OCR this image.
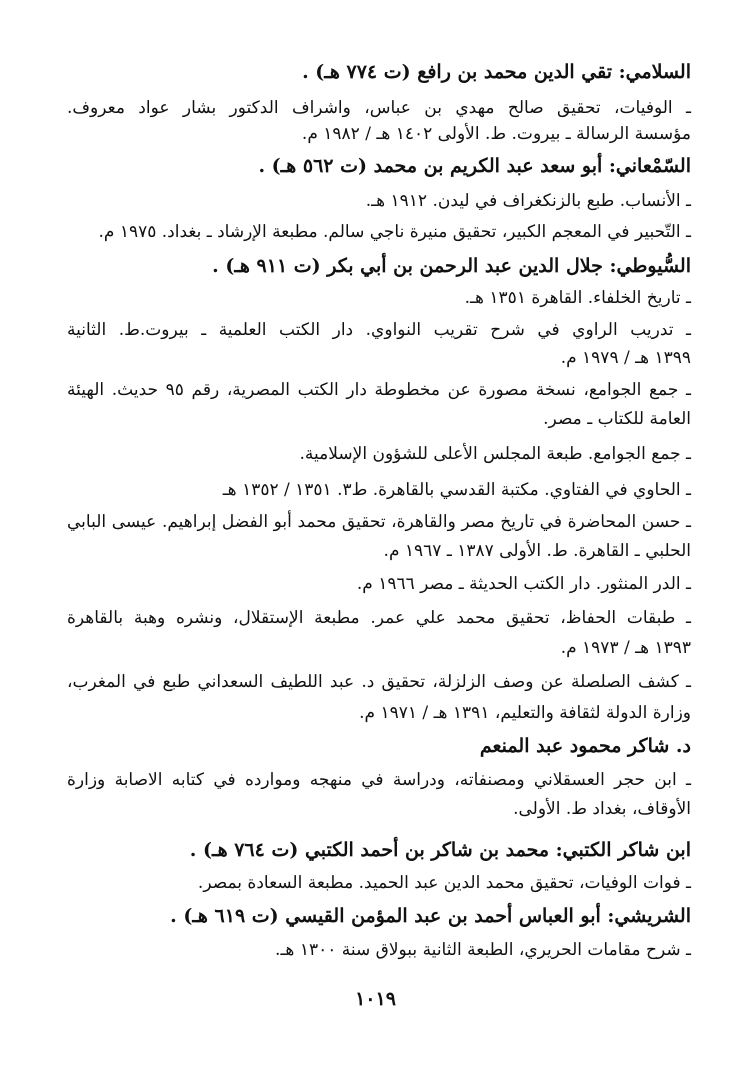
السلامي: تقي الدين محمد بن رافع (ت ٧٧٤ هـ) .
ـ الوفيات، تحقيق صالح مهدي بن عباس، واشراف الدكتور بشار عواد معروف.
مؤسسة الرسالة ـ بيروت. ط. الأولى ١٤٠٢ هـ / ١٩٨٢ م.
السّمْعاني: أبو سعد عبد الكريم بن محمد (ت ٥٦٢ هـ) .
ـ الأنساب. طبع بالزنكغراف في ليدن. ١٩١٢ هـ.
ـ التّحبير في المعجم الكبير، تحقيق منيرة ناجي سالم. مطبعة الإرشاد ـ بغداد. ١٩٧٥ م.
السُّيوطي: جلال الدين عبد الرحمن بن أبي بكر (ت ٩١١ هـ) .
ـ تاريخ الخلفاء. القاهرة ١٣٥١ هـ.
ـ تدريب الراوي في شرح تقريب النواوي. دار الكتب العلمية ـ بيروت.ط. الثانية
١٣٩٩ هـ / ١٩٧٩ م.
ـ جمع الجوامع، نسخة مصورة عن مخطوطة دار الكتب المصرية، رقم ٩٥ حديث. الهيئة
العامة للكتاب ـ مصر.
ـ جمع الجوامع. طبعة المجلس الأعلى للشؤون الإسلامية.
ـ الحاوي في الفتاوي. مكتبة القدسي بالقاهرة. ط٣. ١٣٥١ / ١٣٥٢ هـ
ـ حسن المحاضرة في تاريخ مصر والقاهرة، تحقيق محمد أبو الفضل إبراهيم. عيسى البابي
الحلبي ـ القاهرة. ط. الأولى ١٣٨٧ ـ ١٩٦٧ م.
ـ الدر المنثور. دار الكتب الحديثة ـ مصر ١٩٦٦ م.
ـ طبقات الحفاظ، تحقيق محمد علي عمر. مطبعة الإستقلال، ونشره وهبة بالقاهرة
١٣٩٣ هـ / ١٩٧٣ م.
ـ كشف الصلصلة عن وصف الزلزلة، تحقيق د. عبد اللطيف السعداني طبع في المغرب،
وزارة الدولة لثقافة والتعليم، ١٣٩١ هـ / ١٩٧١ م.
د. شاكر محمود عبد المنعم
ـ ابن حجر العسقلاني ومصنفاته، ودراسة في منهجه وموارده في كتابه الاصابة وزارة
الأوقاف، بغداد ط. الأولى.
ابن شاكر الكتبي: محمد بن شاكر بن أحمد الكتبي (ت ٧٦٤ هـ) .
ـ فوات الوفيات، تحقيق محمد الدين عبد الحميد. مطبعة السعادة بمصر.
الشريشي: أبو العباس أحمد بن عبد المؤمن القيسي (ت ٦١٩ هـ) .
ـ شرح مقامات الحريري، الطبعة الثانية ببولاق سنة ١٣٠٠ هـ.
١٠١٩
